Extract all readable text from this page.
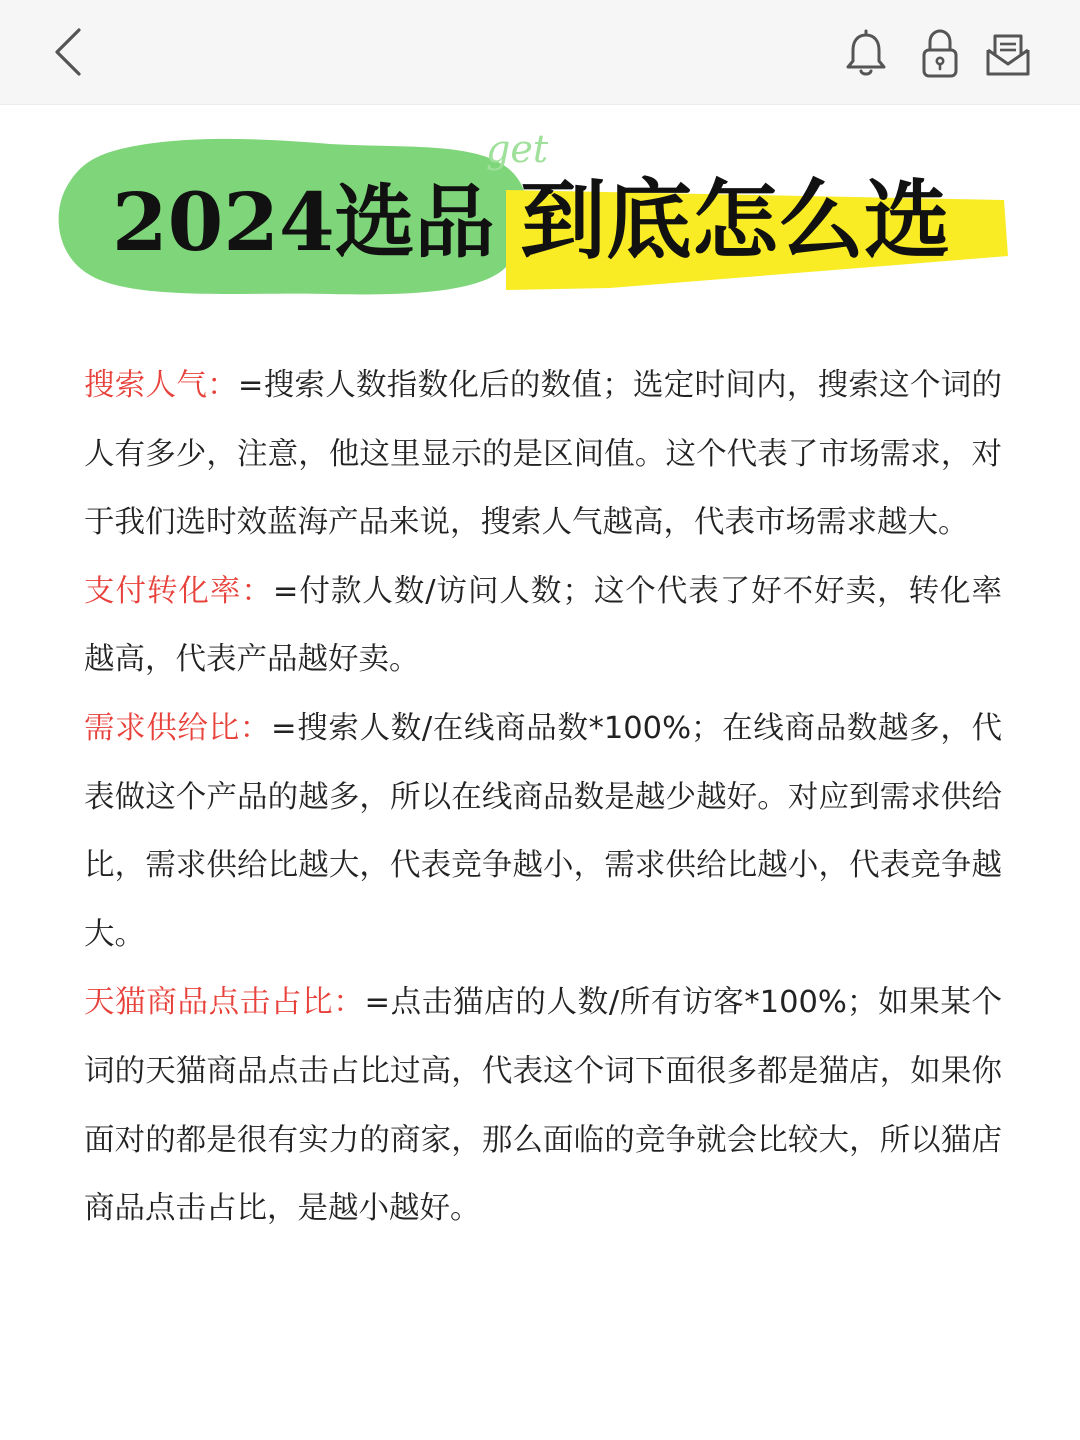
get
2024选品 到底怎么选

搜索人气：=搜索人数指数化后的数值；选定时间内，搜索这个词的人有多少，注意，他这里显示的是区间值。这个代表了市场需求，对于我们选时效蓝海产品来说，搜索人气越高，代表市场需求越大。

支付转化率：=付款人数/访问人数；这个代表了好不好卖，转化率越高，代表产品越好卖。

需求供给比：=搜索人数/在线商品数*100%；在线商品数越多，代表做这个产品的越多，所以在线商品数是越少越好。对应到需求供给比，需求供给比越大，代表竞争越小，需求供给比越小，代表竞争越大。

天猫商品点击占比：=点击猫店的人数/所有访客*100%；如果某个词的天猫商品点击占比过高，代表这个词下面很多都是猫店，如果你面对的都是很有实力的商家，那么面临的竞争就会比较大，所以猫店商品点击占比，是越小越好。
